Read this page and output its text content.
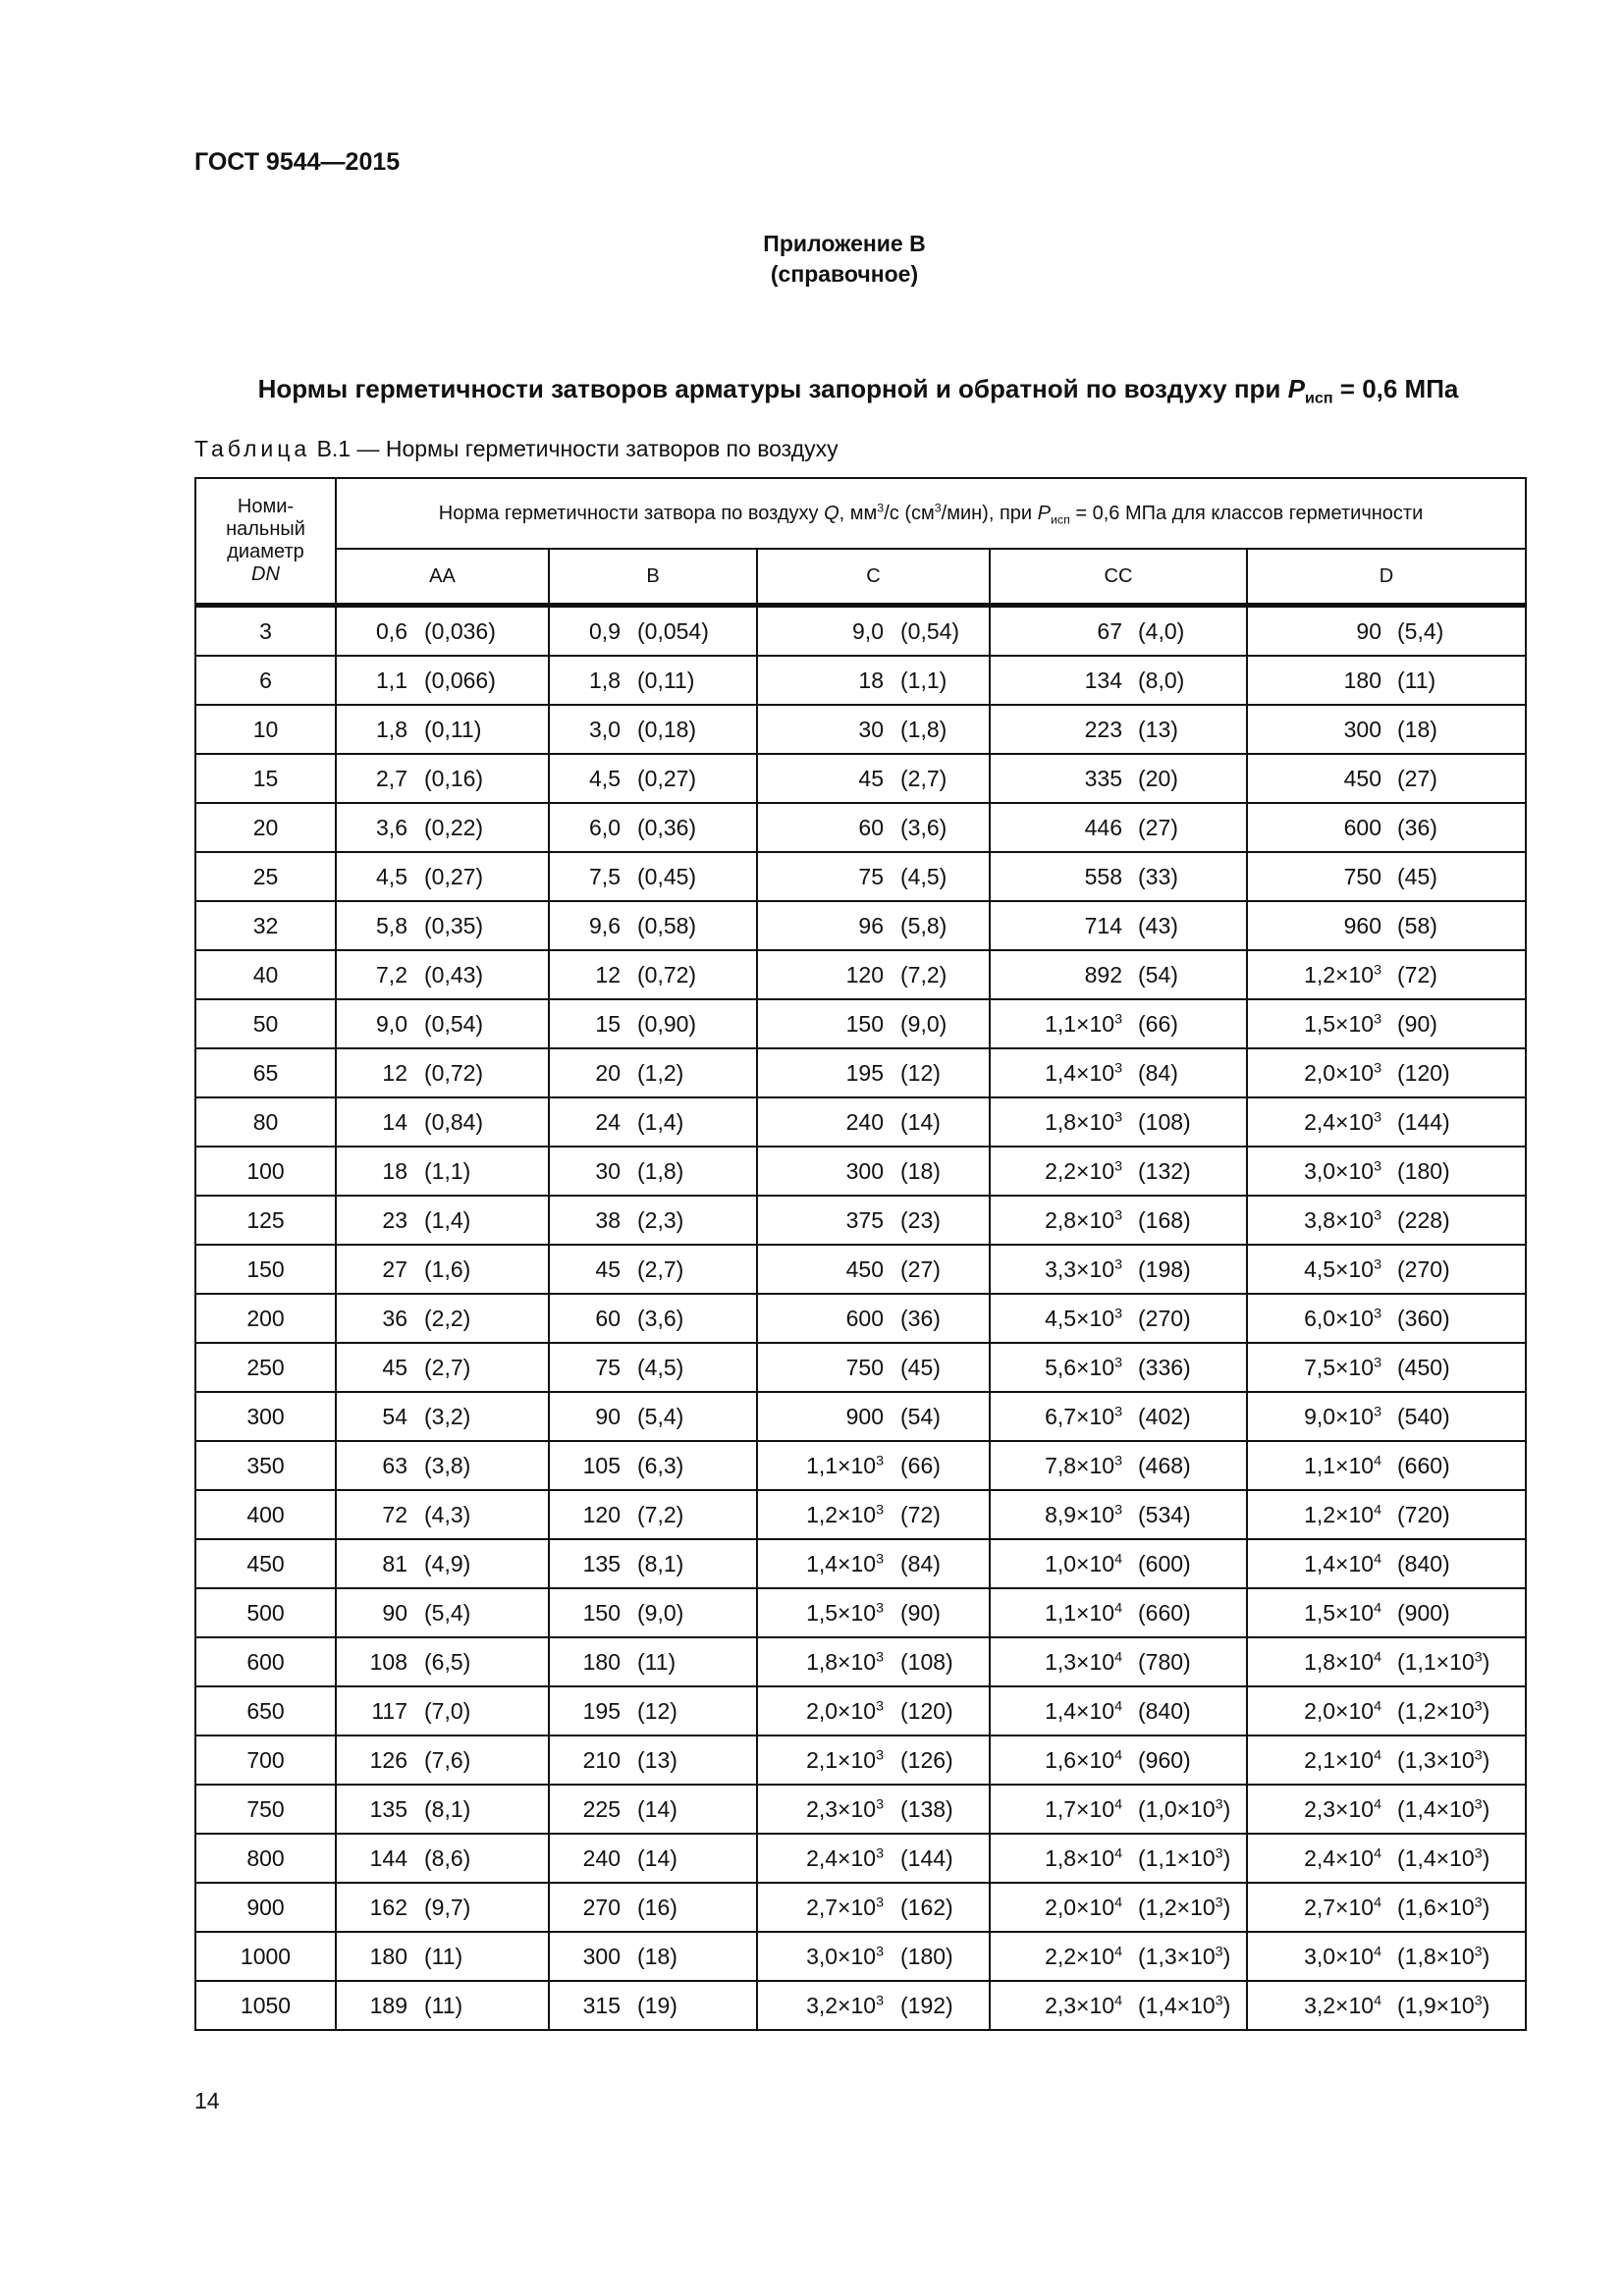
ГОСТ 9544—2015
Приложение В
(справочное)
Нормы герметичности затворов арматуры запорной и обратной по воздуху при $P_{исп} = 0,6$ МПа
Таблица В.1 — Нормы герметичности затворов по воздуху
Номи-
нальный
диаметр
DN	Норма герметичности затвора по воздуху Q, $мм^3/с$ $(см^3/мин)$, при $P_{исп} = 0,6$ МПа для классов герметичности				
	АА	В	С	СС	D
3	0,6 (0,036)	0,9 (0,054)	9,0 (0,54)	67 (4,0)	90 (5,4)

6	1,1 (0,066)	1,8 (0,11)	18 (1,1)	134 (8,0)	180 (11)

10	1,8 (0,11)	3,0 (0,18)	30 (1,8)	223 (13)	300 (18)

15	2,7 (0,16)	4,5 (0,27)	45 (2,7)	335 (20)	450 (27)

20	3,6 (0,22)	6,0 (0,36)	60 (3,6)	446 (27)	600 (36)

25	4,5 (0,27)	7,5 (0,45)	75 (4,5)	558 (33)	750 (45)

32	5,8 (0,35)	9,6 (0,58)	96 (5,8)	714 (43)	960 (58)

40	7,2 (0,43)	12 (0,72)	120 (7,2)	892 (54)	$1,2\times 10^3$ (72)

50	9,0 (0,54)	15 (0,90)	150 (9,0)	$1,1\times 10^3$ (66)	$1,5\times 10^3$ (90)

65	12 (0,72)	20 (1,2)	195 (12)	$1,4\times 10^3$ (84)	$2,0\times 10^3$ (120)

80	14 (0,84)	24 (1,4)	240 (14)	$1,8\times 10^3$ (108)	$2,4\times 10^3$ (144)

100	18 (1,1)	30 (1,8)	300 (18)	$2,2\times 10^3$ (132)	$3,0\times 10^3$ (180)

125	23 (1,4)	38 (2,3)	375 (23)	$2,8\times 10^3$ (168)	$3,8\times 10^3$ (228)

150	27 (1,6)	45 (2,7)	450 (27)	$3,3\times 10^3$ (198)	$4,5\times 10^3$ (270)

200	36 (2,2)	60 (3,6)	600 (36)	$4,5\times 10^3$ (270)	$6,0\times 10^3$ (360)

250	45 (2,7)	75 (4,5)	750 (45)	$5,6\times 10^3$ (336)	$7,5\times 10^3$ (450)

300	54 (3,2)	90 (5,4)	900 (54)	$6,7\times 10^3$ (402)	$9,0\times 10^3$ (540)

350	63 (3,8)	105 (6,3)	$1,1\times 10^3$ (66)	$7,8\times 10^3$ (468)	$1,1\times 10^4$ (660)

400	72 (4,3)	120 (7,2)	$1,2\times 10^3$ (72)	$8,9\times 10^3$ (534)	$1,2\times 10^4$ (720)

450	81 (4,9)	135 (8,1)	$1,4\times 10^3$ (84)	$1,0\times 10^4$ (600)	$1,4\times 10^4$ (840)

500	90 (5,4)	150 (9,0)	$1,5\times 10^3$ (90)	$1,1\times 10^4$ (660)	$1,5\times 10^4$ (900)

600	108 (6,5)	180 (11)	$1,8\times 10^3$ (108)	$1,3\times 10^4$ (780)	$1,8\times 10^4$ $(1,1\times 10^3)$

650	117 (7,0)	195 (12)	$2,0\times 10^3$ (120)	$1,4\times 10^4$ (840)	$2,0\times 10^4$ $(1,2\times 10^3)$

700	126 (7,6)	210 (13)	$2,1\times 10^3$ (126)	$1,6\times 10^4$ (960)	$2,1\times 10^4$ $(1,3\times 10^3)$

750	135 (8,1)	225 (14)	$2,3\times 10^3$ (138)	$1,7\times 10^4$ $(1,0\times 10^3)$	$2,3\times 10^4$ $(1,4\times 10^3)$

800	144 (8,6)	240 (14)	$2,4\times 10^3$ (144)	$1,8\times 10^4$ $(1,1\times 10^3)$	$2,4\times 10^4$ $(1,4\times 10^3)$

900	162 (9,7)	270 (16)	$2,7\times 10^3$ (162)	$2,0\times 10^4$ $(1,2\times 10^3)$	$2,7\times 10^4$ $(1,6\times 10^3)$

1000	180 (11)	300 (18)	$3,0\times 10^3$ (180)	$2,2\times 10^4$ $(1,3\times 10^3)$	$3,0\times 10^4$ $(1,8\times 10^3)$

1050	189 (11)	315 (19)	$3,2\times 10^3$ (192)	$2,3\times 10^4$ $(1,4\times 10^3)$	$3,2\times 10^4$ $(1,9\times 10^3)$
14
